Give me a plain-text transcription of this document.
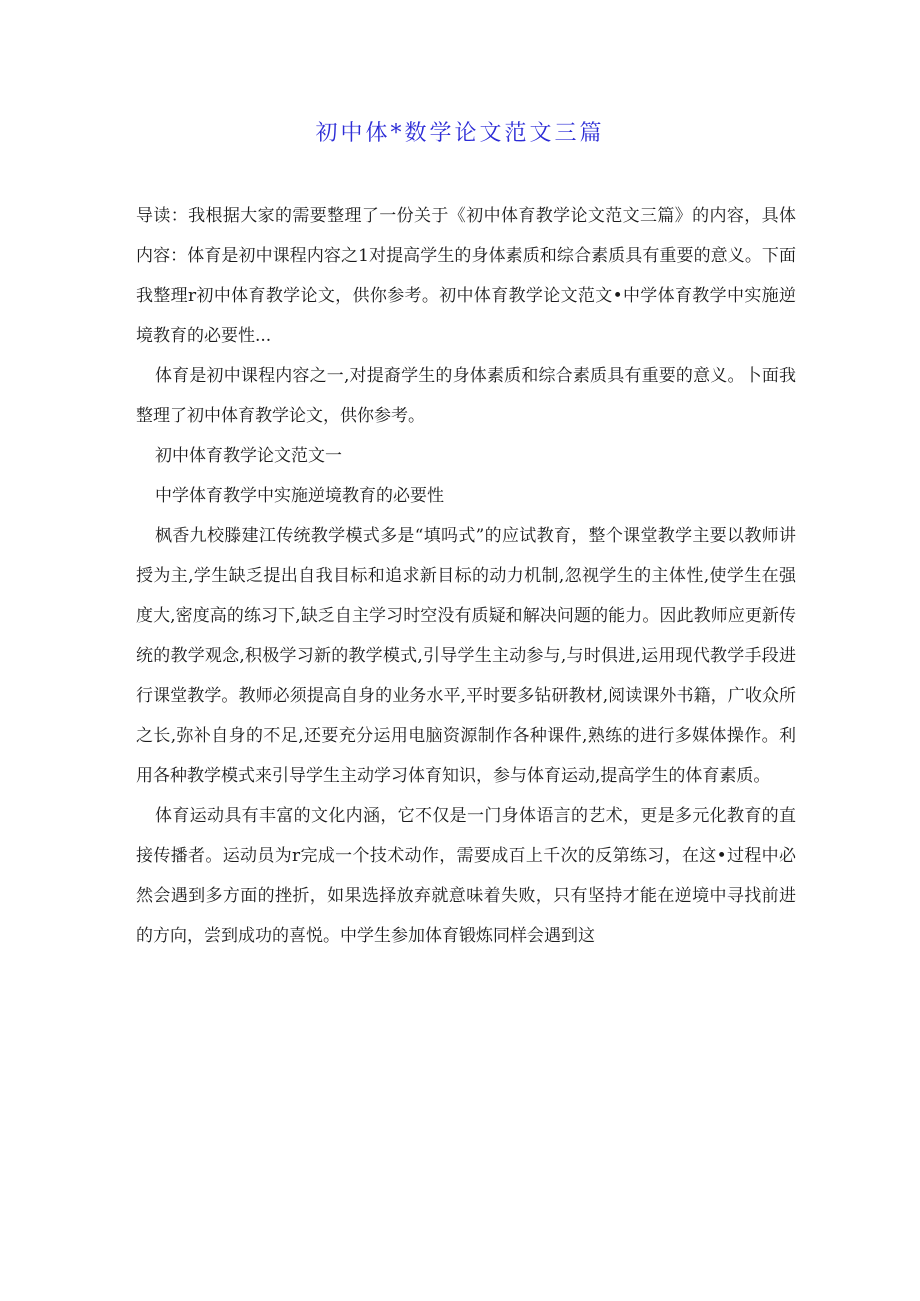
初中体*数学论文范文三篇

导读：我根据大家的需要整理了一份关于《初中体育教学论文范文三篇》的内容，具体内容：体育是初中课程内容之1对提高学生的身体素质和综合素质具有重要的意义。下面我整理r初中体育教学论文，供你参考。初中体育教学论文范文•中学体育教学中实施逆境教育的必要性...

体育是初中课程内容之一,对提裔学生的身体素质和综合素质具有重要的意义。卜面我整理了初中体育教学论文，供你参考。

初中体育教学论文范文一

中学体育教学中实施逆境教育的必要性

枫香九校滕建江传统教学模式多是“填吗式”的应试教育，整个课堂教学主要以教师讲授为主,学生缺乏提出自我目标和追求新目标的动力机制,忽视学生的主体性,使学生在强度大,密度高的练习下,缺乏自主学习时空没有质疑和解决问题的能力。因此教师应更新传统的教学观念,积极学习新的教学模式,引导学生主动参与,与时俱进,运用现代教学手段进行课堂教学。教师必须提高自身的业务水平,平时要多钻研教材,阅读课外书籍，广收众所之长,弥补自身的不足,还要充分运用电脑资源制作各种课件,熟练的进行多媒体操作。利用各种教学模式来引导学生主动学习体育知识，参与体育运动,提高学生的体育素质。

体育运动具有丰富的文化内涵，它不仅是一门身体语言的艺术，更是多元化教育的直接传播者。运动员为r完成一个技术动作，需要成百上千次的反第练习，在这•过程中必然会遇到多方面的挫折，如果选择放弃就意味着失败，只有坚持才能在逆境中寻找前进的方向，尝到成功的喜悦。中学生参加体育锻炼同样会遇到这
